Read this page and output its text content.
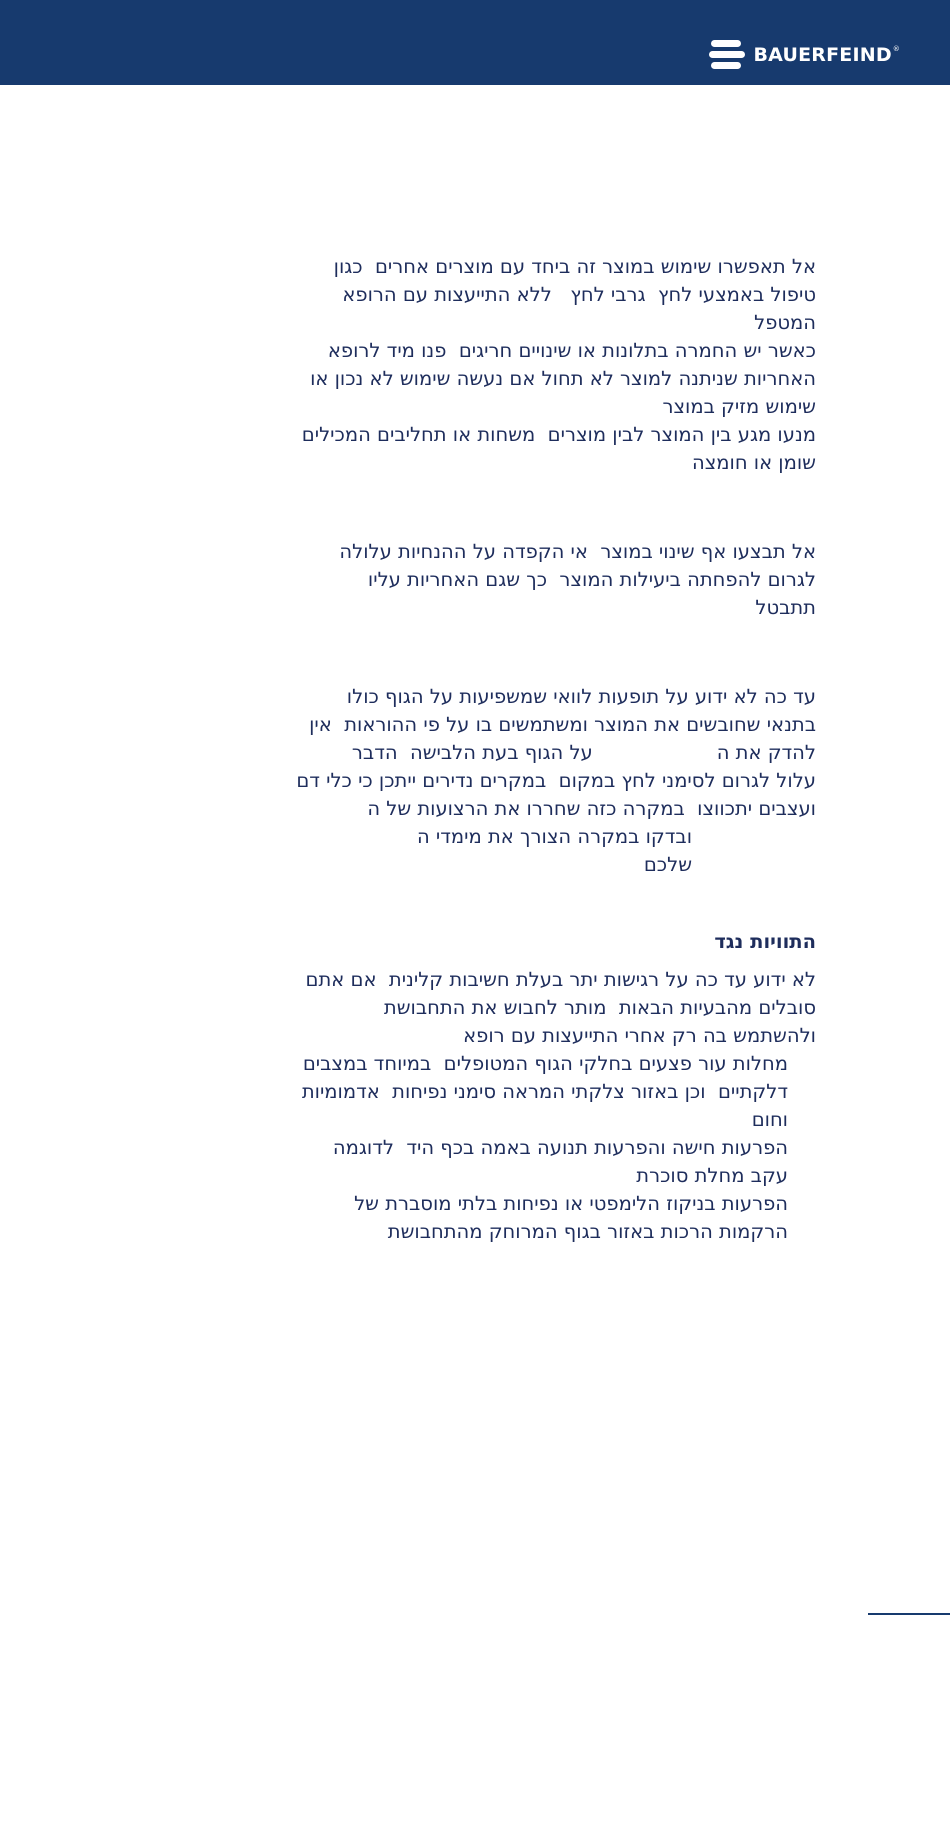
BAUERFEIND®

אל תאפשרו שימוש במוצר זה ביחד עם מוצרים אחרים  כגון
טיפול באמצעי לחץ  גרבי לחץ   ללא התייעצות עם הרופא
המטפל
כאשר יש החמרה בתלונות או שינויים חריגים  פנו מיד לרופא
האחריות שניתנה למוצר לא תחול אם נעשה שימוש לא נכון או
שימוש מזיק במוצר
מנעו מגע בין המוצר לבין מוצרים  משחות או תחליבים המכילים
שומן או חומצה

אל תבצעו אף שינוי במוצר  אי הקפדה על ההנחיות עלולה
לגרום להפחתה ביעילות המוצר  כך שגם האחריות עליו
תתבטל

עד כה לא ידוע על תופעות לוואי שמשפיעות על הגוף כולו
בתנאי שחובשים את המוצר ומשתמשים בו על פי ההוראות  אין
להדק את ה                    על הגוף בעת הלבישה  הדבר
עלול לגרום לסימני לחץ במקום  במקרים נדירים ייתכן כי כלי דם
ועצבים יתכווצו  במקרה כזה שחררו את הרצועות של ה
ובדקו במקרה הצורך את מימדי ה
שלכם

התוויות נגד

לא ידוע עד כה על רגישות יתר בעלת חשיבות קלינית  אם אתם
סובלים מהבעיות הבאות  מותר לחבוש את התחבושת
ולהשתמש בה רק אחרי התייעצות עם רופא

מחלות עור פצעים בחלקי הגוף המטופלים  במיוחד במצבים
דלקתיים  וכן באזור צלקתי המראה סימני נפיחות  אדמומיות
וחום
הפרעות חישה והפרעות תנועה באמה בכף היד  לדוגמה
עקב מחלת סוכרת
הפרעות בניקוז הלימפטי או נפיחות בלתי מוסברת של
הרקמות הרכות באזור בגוף המרוחק מהתחבושת
